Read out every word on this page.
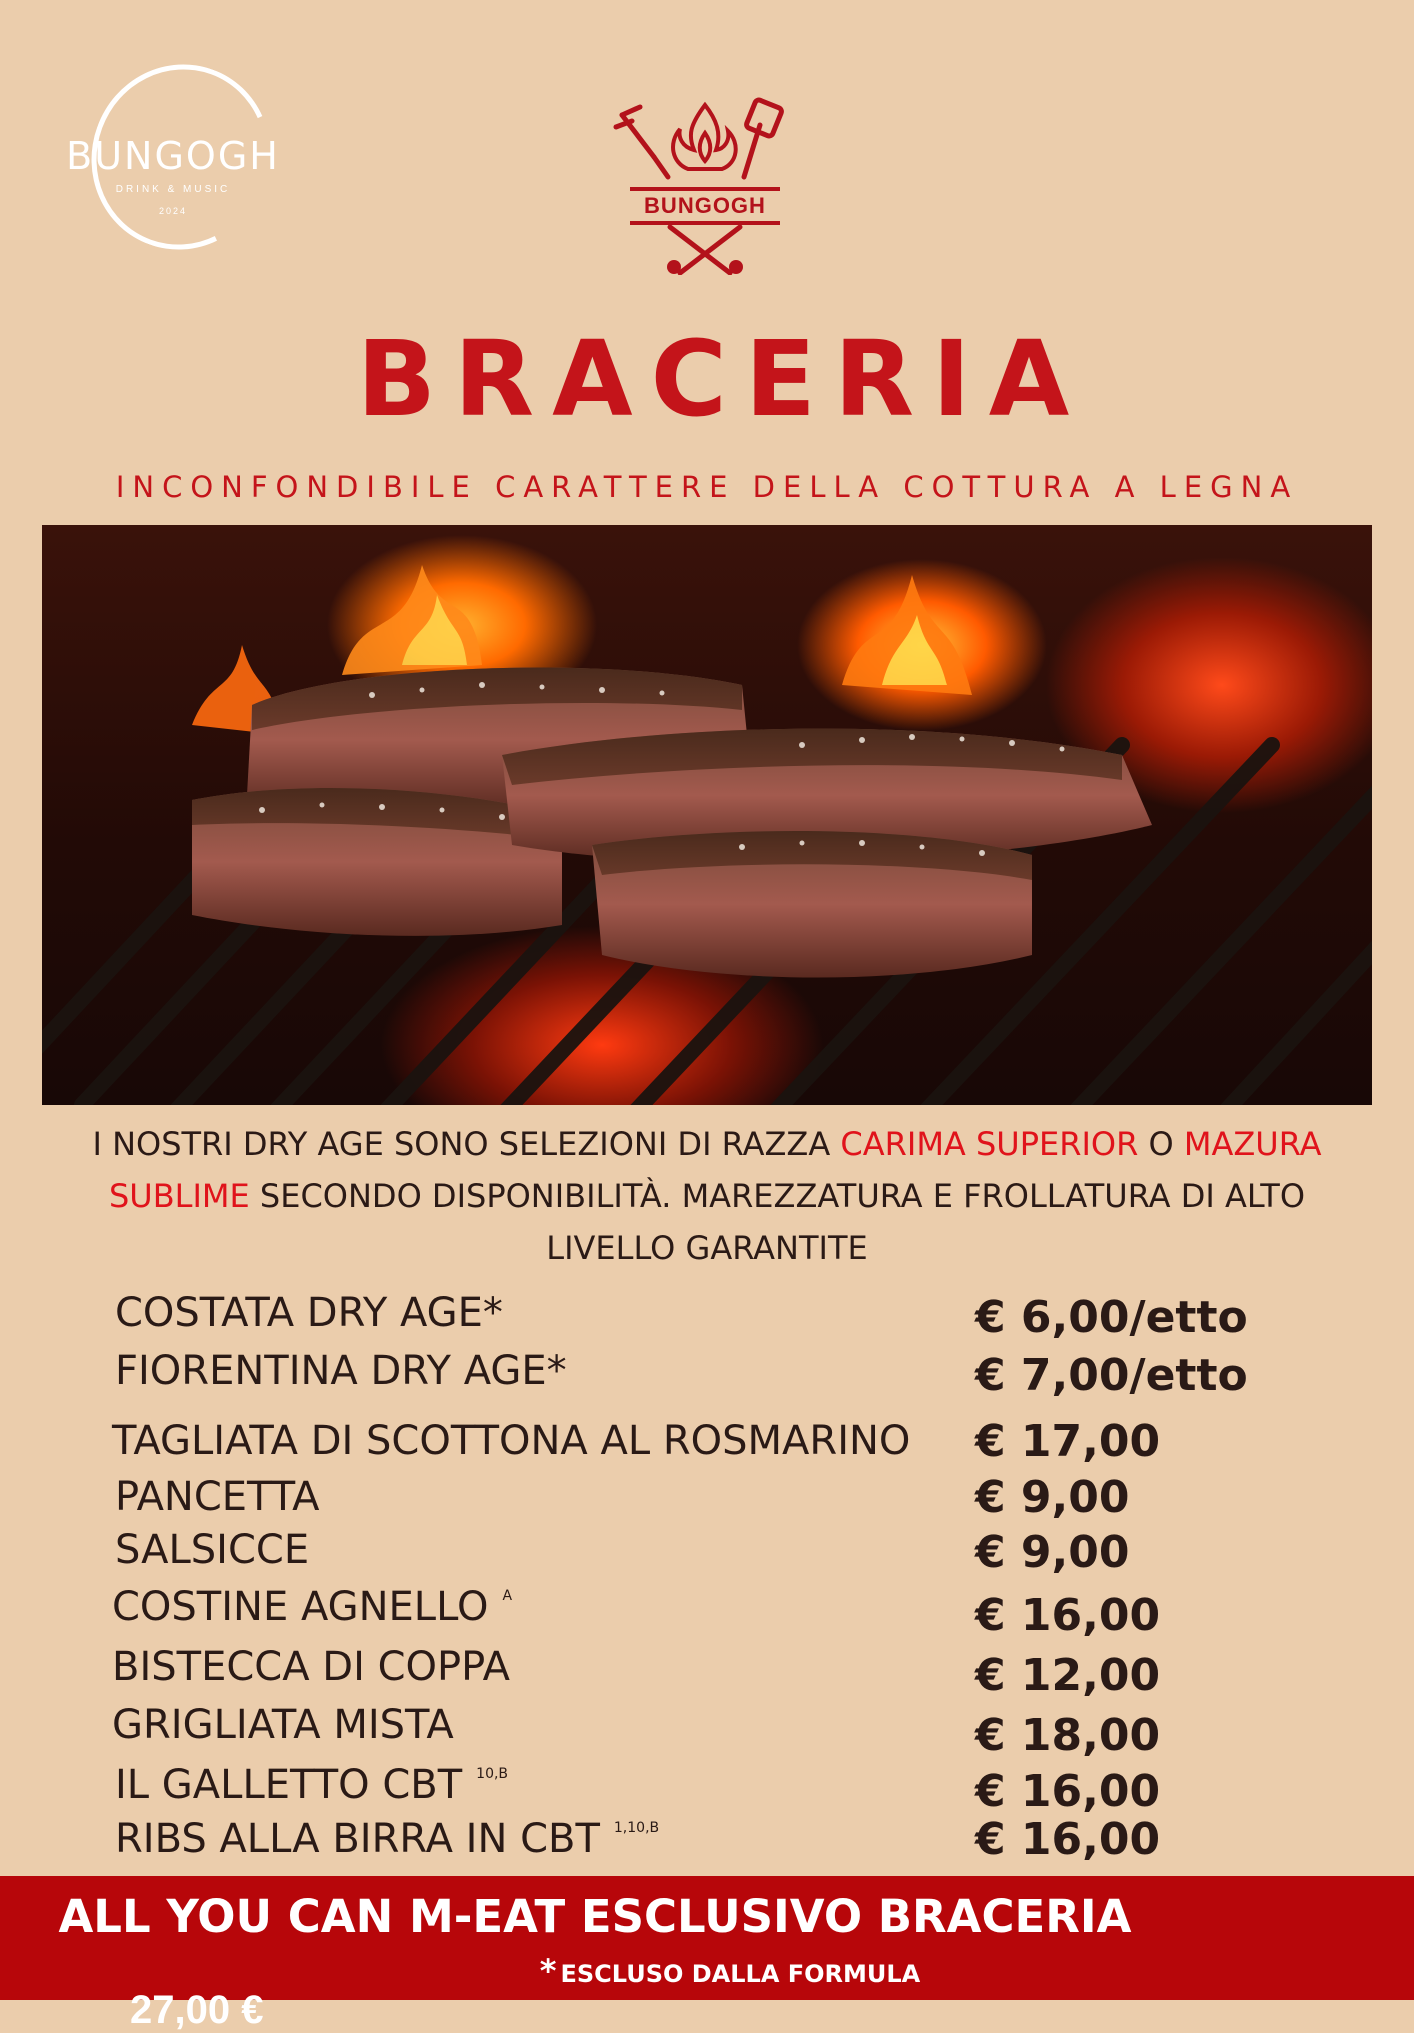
BUNGOGH
DRINK & MUSIC
2024	BUNGOGH
BRACERIA
INCONFONDIBILE CARATTERE DELLA COTTURA A LEGNA
I NOSTRI DRY AGE SONO SELEZIONI DI RAZZA CARIMA SUPERIOR O MAZURA SUBLIME SECONDO DISPONIBILITÀ. MAREZZATURA E FROLLATURA DI ALTO LIVELLO GARANTITE
COSTATA DRY AGE*	€ 6,00/etto
FIORENTINA DRY AGE*	€ 7,00/etto
TAGLIATA DI SCOTTONA AL ROSMARINO € 17,00
PANCETTA	€ 9,00
SALSICCE	€ 9,00
COSTINE AGNELLO $^A$	€ 16,00
BISTECCA DI COPPA	€ 12,00
GRIGLIATA MISTA	€ 18,00
IL GALLETTO CBT $^{10,B}$	€ 16,00
RIBS ALLA BIRRA IN CBT $^{1,10,B}$	€ 16,00
ALL YOU CAN M-EAT ESCLUSIVO BRACERIA
* ESCLUSO DALLA FORMULA
27,00 €
